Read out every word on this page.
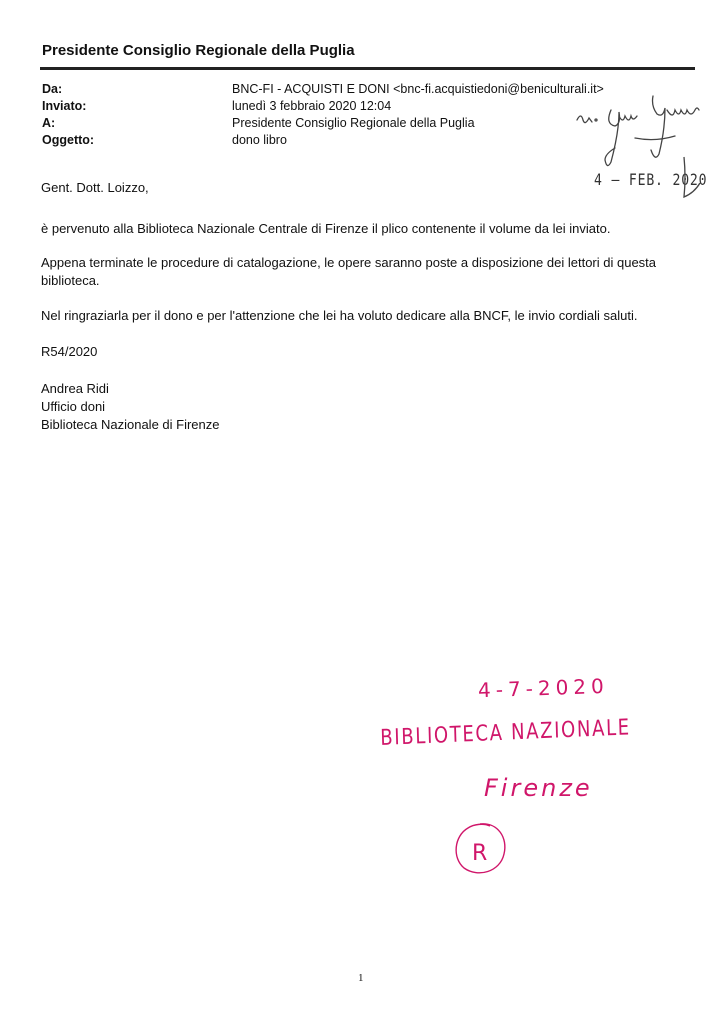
Presidente Consiglio Regionale della Puglia
Da:	BNC-FI - ACQUISTI E DONI <bnc-fi.acquistiedoni@beniculturali.it>
Inviato:	lunedì 3 febbraio 2020 12:04
A:	Presidente Consiglio Regionale della Puglia
Oggetto:	dono libro
4 – FEB. 2020
Gent. Dott. Loizzo,
è pervenuto alla Biblioteca Nazionale Centrale di Firenze il plico contenente il volume da lei inviato.
Appena terminate le procedure di catalogazione, le opere saranno poste a disposizione dei lettori di questa biblioteca.
Nel ringraziarla per il dono e per l'attenzione che lei ha voluto dedicare alla BNCF, le invio cordiali saluti.
R54/2020
Andrea Ridi
Ufficio doni
Biblioteca Nazionale di Firenze
4-7-2020
BIBLIOTECA NAZIONALE
Firenze
R
1
